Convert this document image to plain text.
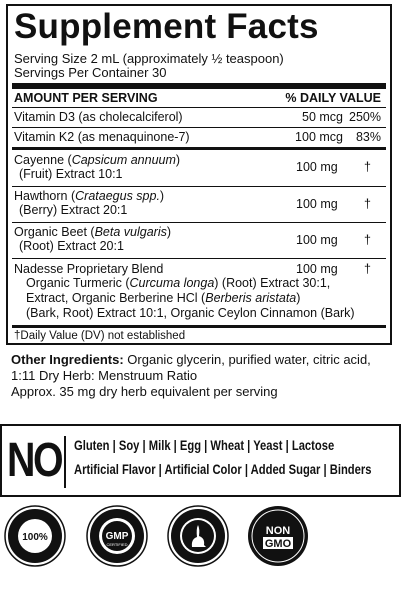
Supplement Facts
Serving Size 2 mL (approximately ½ teaspoon)
Servings Per Container 30
AMOUNT PER SERVING	% DAILY VALUE
Vitamin D3 (as cholecalciferol)	50 mcg 250%
Vitamin K2 (as menaquinone-7)	100 mcg 83%
Cayenne (Capsicum annuum)
(Fruit) Extract 10:1	100 mg †
Hawthorn (Crataegus spp.)
(Berry) Extract 20:1	100 mg †
Organic Beet (Beta vulgaris)
(Root) Extract 20:1	100 mg †
Nadesse Proprietary Blend	100 mg †
Organic Turmeric (Curcuma longa) (Root) Extract 30:1,
Extract, Organic Berberine HCl (Berberis aristata)
(Bark, Root) Extract 10:1, Organic Ceylon Cinnamon (Bark)
†Daily Value (DV) not established
Other Ingredients: Organic glycerin, purified water, citric acid,
1:11 Dry Herb: Menstruum Ratio
Approx. 35 mg dry herb equivalent per serving
NO Gluten | Soy | Milk | Egg | Wheat | Yeast | Lactose
Artificial Flavor | Artificial Color | Added Sugar | Binders
100%	GMP
CERTIFIED
NON
GMO
